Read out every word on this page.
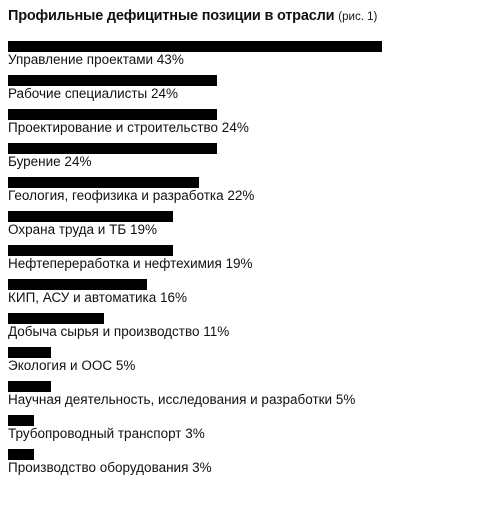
Профильные дефицитные позиции в отрасли (рис. 1)
Управление проектами 43%
Рабочие специалисты 24%
Проектирование и строительство 24%
Бурение 24%
Геология, геофизика и разработка 22%
Охрана труда и ТБ 19%
Нефтепереработка и нефтехимия 19%
КИП, АСУ и автоматика 16%
Добыча сырья и производство 11%
Экология и ООС 5%
Научная деятельность, исследования и разработки 5%
Трубопроводный транспорт 3%
Производство оборудования 3%
